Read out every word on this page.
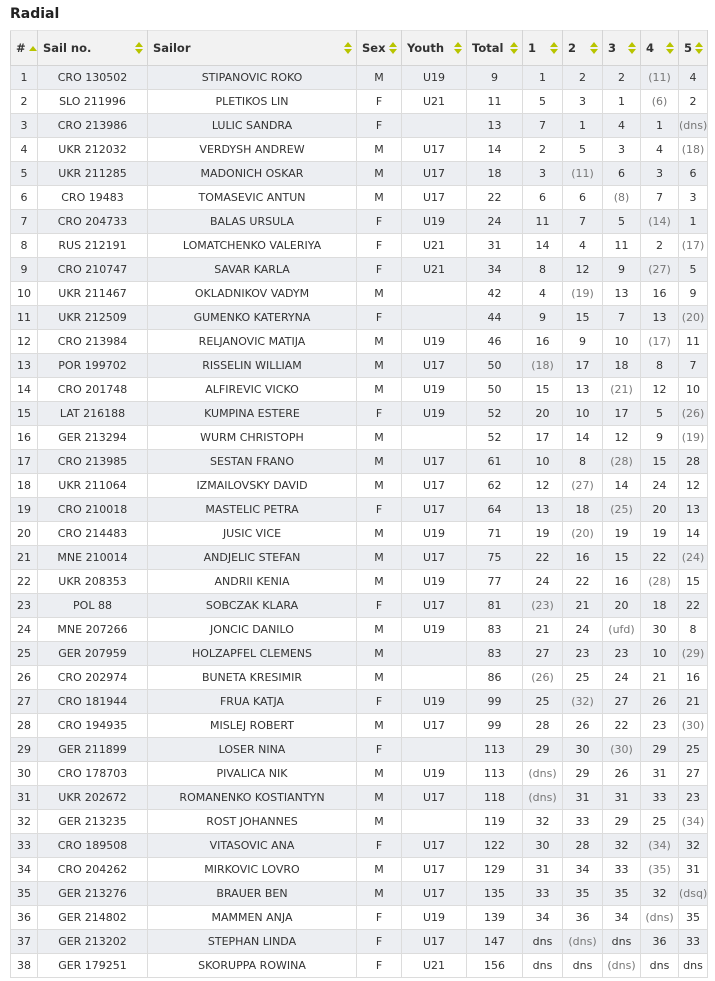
Radial
#	Sail no.	Sailor	Sex	Youth	Total	1	2	3	4	5

1	CRO 130502	STIPANOVIC ROKO	M	U19	9	1	2	2	(11)	4
2	SLO 211996	PLETIKOS LIN	F	U21	11	5	3	1	(6)	2
3	CRO 213986	LULIC SANDRA	F		13	7	1	4	1	(dns)
4	UKR 212032	VERDYSH ANDREW	M	U17	14	2	5	3	4	(18)
5	UKR 211285	MADONICH OSKAR	M	U17	18	3	(11)	6	3	6
6	CRO 19483	TOMASEVIC ANTUN	M	U17	22	6	6	(8)	7	3
7	CRO 204733	BALAS URSULA	F	U19	24	11	7	5	(14)	1
8	RUS 212191	LOMATCHENKO VALERIYA	F	U21	31	14	4	11	2	(17)
9	CRO 210747	SAVAR KARLA	F	U21	34	8	12	9	(27)	5
10	UKR 211467	OKLADNIKOV VADYM	M		42	4	(19)	13	16	9
11	UKR 212509	GUMENKO KATERYNA	F		44	9	15	7	13	(20)
12	CRO 213984	RELJANOVIC MATIJA	M	U19	46	16	9	10	(17)	11
13	POR 199702	RISSELIN WILLIAM	M	U17	50	(18)	17	18	8	7
14	CRO 201748	ALFIREVIC VICKO	M	U19	50	15	13	(21)	12	10
15	LAT 216188	KUMPINA ESTERE	F	U19	52	20	10	17	5	(26)
16	GER 213294	WURM CHRISTOPH	M		52	17	14	12	9	(19)
17	CRO 213985	SESTAN FRANO	M	U17	61	10	8	(28)	15	28
18	UKR 211064	IZMAILOVSKY DAVID	M	U17	62	12	(27)	14	24	12
19	CRO 210018	MASTELIC PETRA	F	U17	64	13	18	(25)	20	13
20	CRO 214483	JUSIC VICE	M	U19	71	19	(20)	19	19	14
21	MNE 210014	ANDJELIC STEFAN	M	U17	75	22	16	15	22	(24)
22	UKR 208353	ANDRII KENIA	M	U19	77	24	22	16	(28)	15
23	POL 88	SOBCZAK KLARA	F	U17	81	(23)	21	20	18	22
24	MNE 207266	JONCIC DANILO	M	U19	83	21	24	(ufd)	30	8
25	GER 207959	HOLZAPFEL CLEMENS	M		83	27	23	23	10	(29)
26	CRO 202974	BUNETA KRESIMIR	M		86	(26)	25	24	21	16
27	CRO 181944	FRUA KATJA	F	U19	99	25	(32)	27	26	21
28	CRO 194935	MISLEJ ROBERT	M	U17	99	28	26	22	23	(30)
29	GER 211899	LOSER NINA	F		113	29	30	(30)	29	25
30	CRO 178703	PIVALICA NIK	M	U19	113	(dns)	29	26	31	27
31	UKR 202672	ROMANENKO KOSTIANTYN	M	U17	118	(dns)	31	31	33	23
32	GER 213235	ROST JOHANNES	M		119	32	33	29	25	(34)
33	CRO 189508	VITASOVIC ANA	F	U17	122	30	28	32	(34)	32
34	CRO 204262	MIRKOVIC LOVRO	M	U17	129	31	34	33	(35)	31
35	GER 213276	BRAUER BEN	M	U17	135	33	35	35	32	(dsq)
36	GER 214802	MAMMEN ANJA	F	U19	139	34	36	34	(dns)	35
37	GER 213202	STEPHAN LINDA	F	U17	147	dns	(dns)	dns	36	33
38	GER 179251	SKORUPPA ROWINA	F	U21	156	dns	dns	(dns)	dns	dns
